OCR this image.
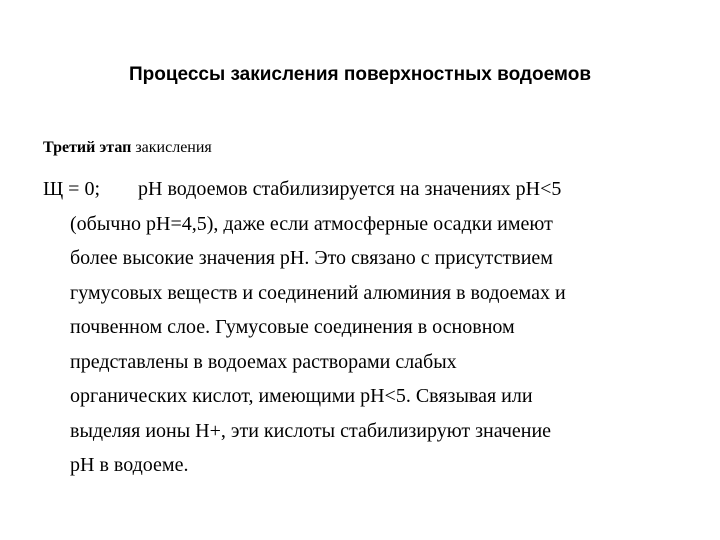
Процессы закисления поверхностных водоемов
Третий этап закисления
Щ = 0; рН водоемов стабилизируется на значениях рН<5
(обычно рН=4,5), даже если атмосферные осадки имеют
более высокие значения рН. Это связано с присутствием
гумусовых веществ и соединений алюминия в водоемах и
почвенном слое. Гумусовые соединения в основном
представлены в водоемах растворами слабых
органических кислот, имеющими рН<5. Связывая или
выделяя ионы Н+, эти кислоты стабилизируют значение
рН в водоеме.
